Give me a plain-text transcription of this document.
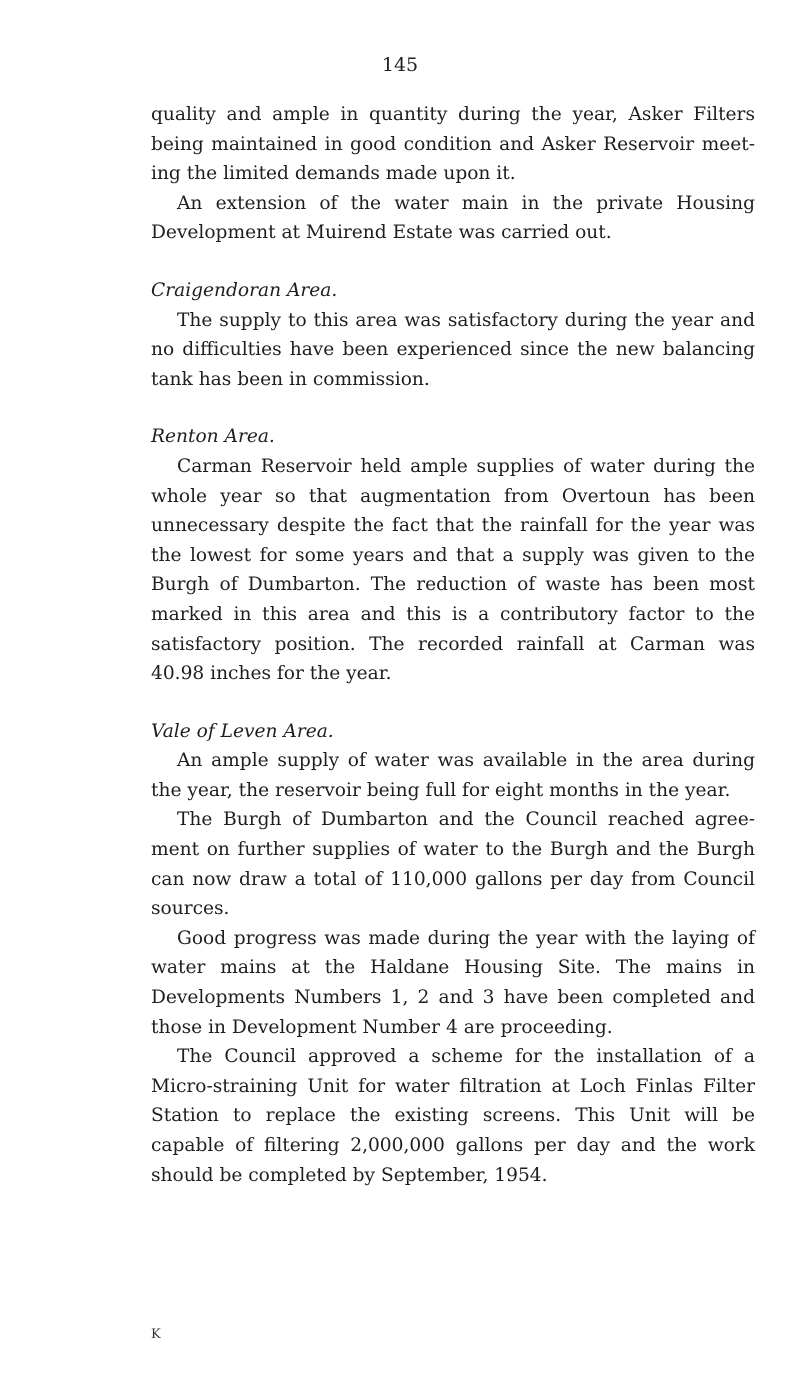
145

quality and ample in quantity during the year, Asker Filters being maintained in good condition and Asker Reservoir meeting the limited demands made upon it.

An extension of the water main in the private Housing Development at Muirend Estate was carried out.

Craigendoran Area.

The supply to this area was satisfactory during the year and no difficulties have been experienced since the new balancing tank has been in commission.

Renton Area.

Carman Reservoir held ample supplies of water during the whole year so that augmentation from Overtoun has been unnecessary despite the fact that the rainfall for the year was the lowest for some years and that a supply was given to the Burgh of Dumbarton. The reduction of waste has been most marked in this area and this is a contributory factor to the satisfactory position. The recorded rainfall at Carman was 40.98 inches for the year.

Vale of Leven Area.

An ample supply of water was available in the area during the year, the reservoir being full for eight months in the year.

The Burgh of Dumbarton and the Council reached agreement on further supplies of water to the Burgh and the Burgh can now draw a total of 110,000 gallons per day from Council sources.

Good progress was made during the year with the laying of water mains at the Haldane Housing Site. The mains in Developments Numbers 1, 2 and 3 have been completed and those in Development Number 4 are proceeding.

The Council approved a scheme for the installation of a Micro-straining Unit for water filtration at Loch Finlas Filter Station to replace the existing screens. This Unit will be capable of filtering 2,000,000 gallons per day and the work should be completed by September, 1954.

K
